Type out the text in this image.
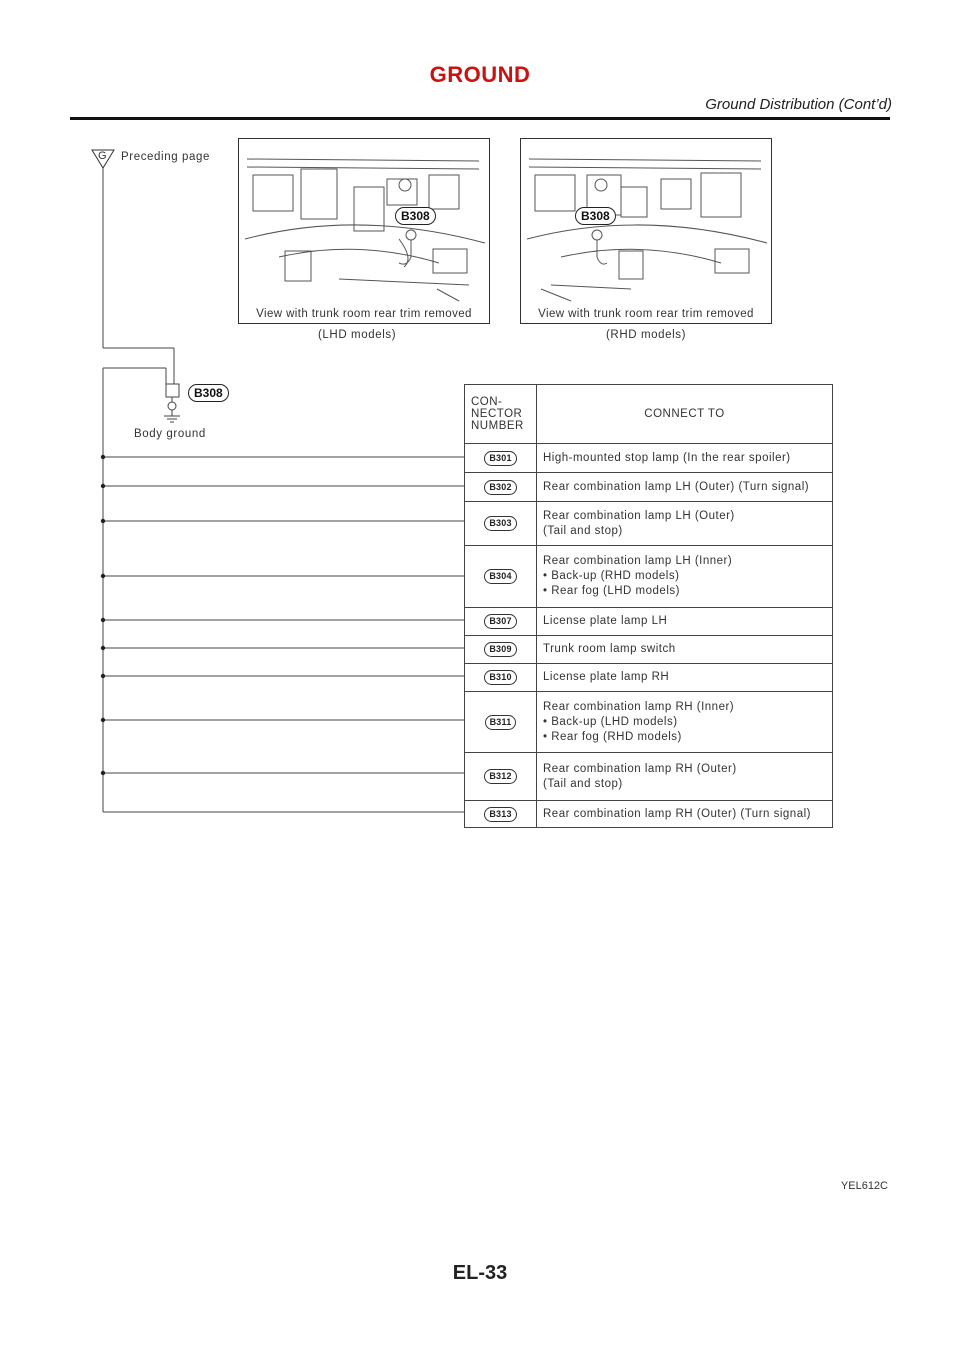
GROUND
Ground Distribution (Cont’d)
G Preceding page
B308
Body ground
B308
View with trunk room rear trim removed
(LHD models)
B308
View with trunk room rear trim removed
(RHD models)
CON-
NECTOR
NUMBER	CONNECT TO
B301	High-mounted stop lamp (In the rear spoiler)
B302	Rear combination lamp LH (Outer) (Turn signal)
B303	Rear combination lamp LH (Outer)
(Tail and stop)
B304	Rear combination lamp LH (Inner)
• Back-up (RHD models)
• Rear fog (LHD models)
B307	License plate lamp LH
B309	Trunk room lamp switch
B310	License plate lamp RH
B311	Rear combination lamp RH (Inner)
• Back-up (LHD models)
• Rear fog (RHD models)
B312	Rear combination lamp RH (Outer)
(Tail and stop)
B313	Rear combination lamp RH (Outer) (Turn signal)
YEL612C
EL-33
